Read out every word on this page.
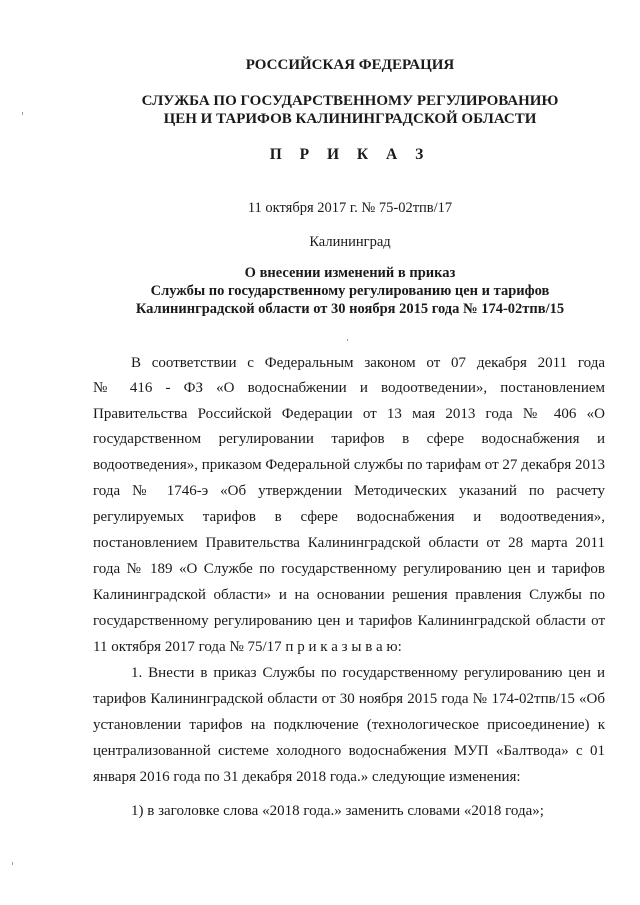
РОССИЙСКАЯ ФЕДЕРАЦИЯ
СЛУЖБА ПО ГОСУДАРСТВЕННОМУ РЕГУЛИРОВАНИЮ
ЦЕН И ТАРИФОВ КАЛИНИНГРАДСКОЙ ОБЛАСТИ
П Р И К А З
11 октября 2017 г. № 75-02тпв/17
Калининград
О внесении изменений в приказ
Службы по государственному регулированию цен и тарифов
Калининградской области от 30 ноября 2015 года № 174-02тпв/15
В соответствии с Федеральным законом от 07 декабря 2011 года
№ 416 - ФЗ «О водоснабжении и водоотведении», постановлением
Правительства Российской Федерации от 13 мая 2013 года № 406 «О
государственном регулировании тарифов в сфере водоснабжения и
водоотведения», приказом Федеральной службы по тарифам от 27 декабря 2013
года № 1746-э «Об утверждении Методических указаний по расчету
регулируемых тарифов в сфере водоснабжения и водоотведения»,
постановлением Правительства Калининградской области от 28 марта 2011
года № 189 «О Службе по государственному регулированию цен и тарифов
Калининградской области» и на основании решения правления Службы по
государственному регулированию цен и тарифов Калининградской области от
11 октября 2017 года № 75/17 п р и к а з ы в а ю:
1. Внести в приказ Службы по государственному регулированию цен и
тарифов Калининградской области от 30 ноября 2015 года № 174-02тпв/15 «Об
установлении тарифов на подключение (технологическое присоединение) к
централизованной системе холодного водоснабжения МУП «Балтвода» с 01
января 2016 года по 31 декабря 2018 года.» следующие изменения:
1) в заголовке слова «2018 года.» заменить словами «2018 года»;
